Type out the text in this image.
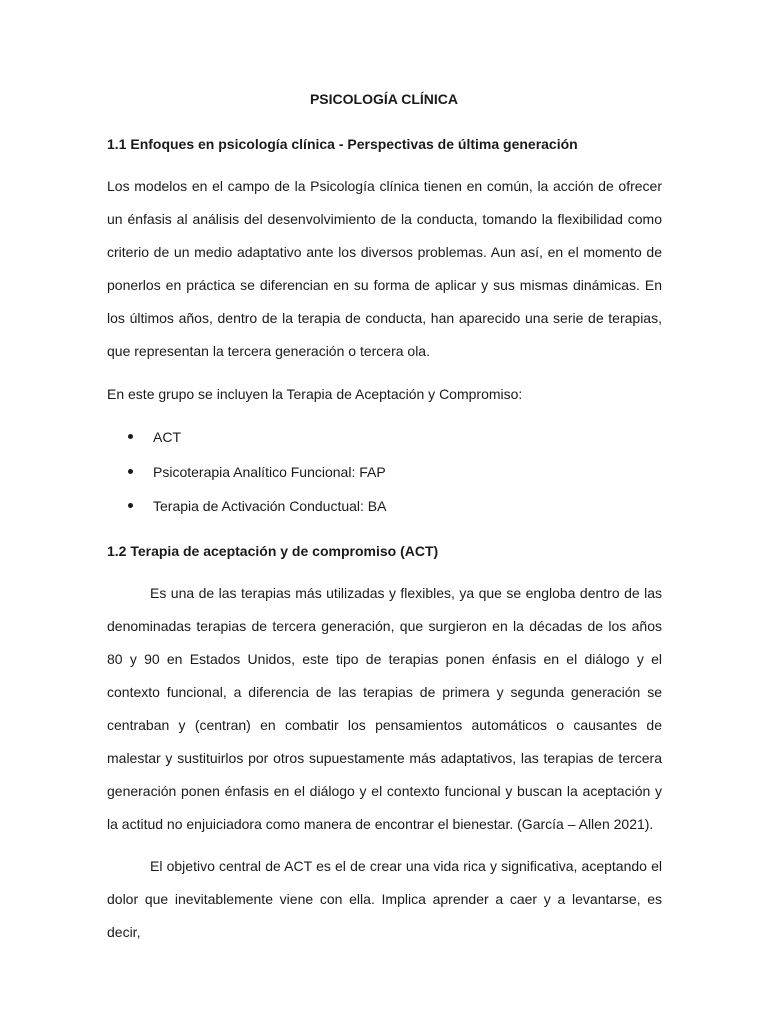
PSICOLOGÍA CLÍNICA
1.1 Enfoques en psicología clínica - Perspectivas de última generación

Los modelos en el campo de la Psicología clínica tienen en común, la acción de ofrecer un énfasis al análisis del desenvolvimiento de la conducta, tomando la flexibilidad como criterio de un medio adaptativo ante los diversos problemas. Aun así, en el momento de ponerlos en práctica se diferencian en su forma de aplicar y sus mismas dinámicas. En los últimos años, dentro de la terapia de conducta, han aparecido una serie de terapias, que representan la tercera generación o tercera ola.

En este grupo se incluyen la Terapia de Aceptación y Compromiso:
ACT
Psicoterapia Analítico Funcional: FAP
Terapia de Activación Conductual: BA
1.2 Terapia de aceptación y de compromiso (ACT)

Es una de las terapias más utilizadas y flexibles, ya que se engloba dentro de las denominadas terapias de tercera generación, que surgieron en la décadas de los años 80 y 90 en Estados Unidos, este tipo de terapias ponen énfasis en el diálogo y el contexto funcional, a diferencia de las terapias de primera y segunda generación se centraban y (centran) en combatir los pensamientos automáticos o causantes de malestar y sustituirlos por otros supuestamente más adaptativos, las terapias de tercera generación ponen énfasis en el diálogo y el contexto funcional y buscan la aceptación y la actitud no enjuiciadora como manera de encontrar el bienestar. (García – Allen 2021).

El objetivo central de ACT es el de crear una vida rica y significativa, aceptando el dolor que inevitablemente viene con ella. Implica aprender a caer y a levantarse, es decir,
